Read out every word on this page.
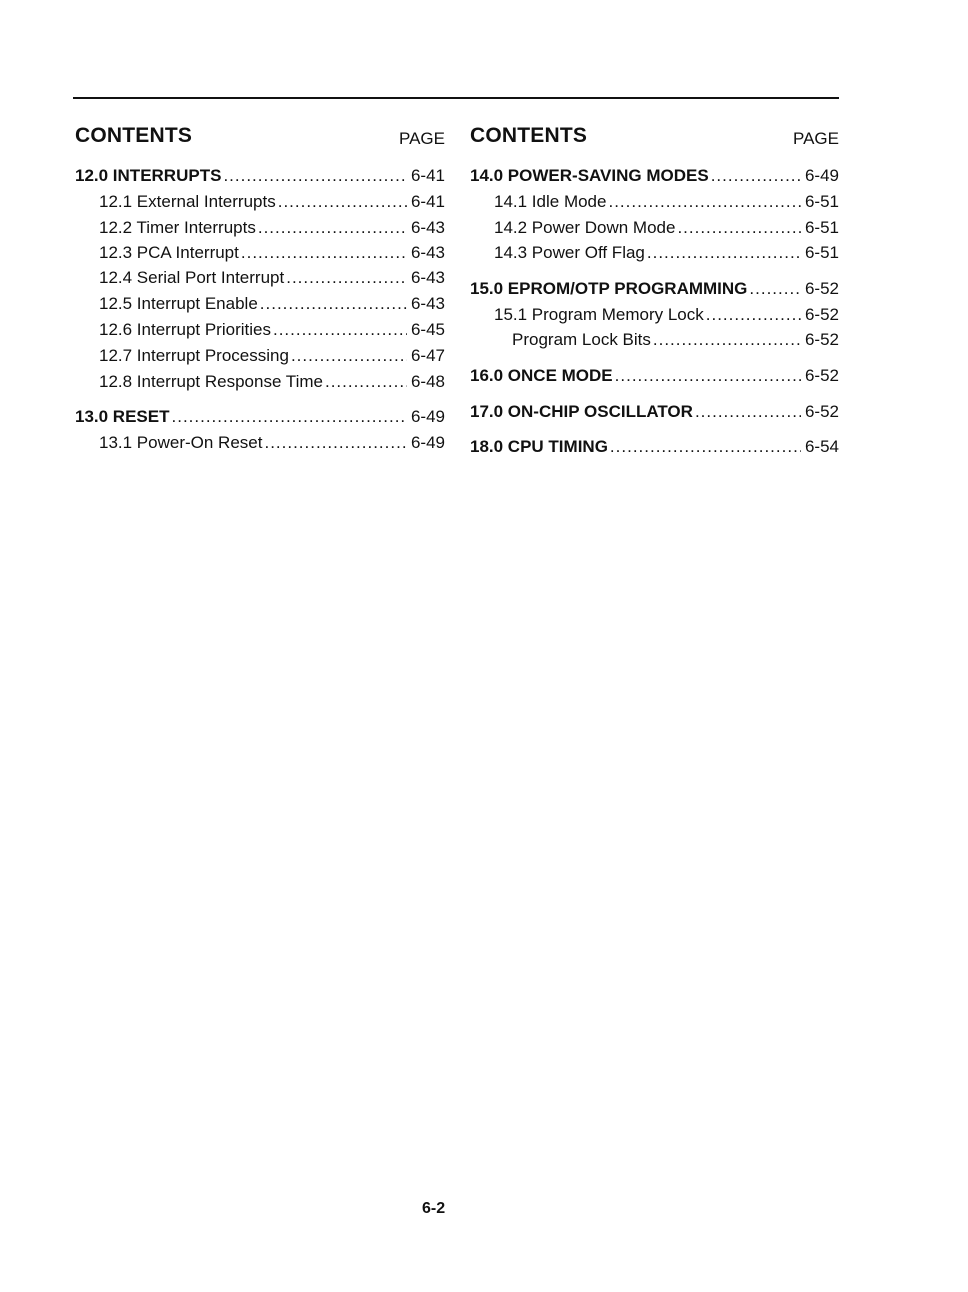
CONTENTS	PAGE
12.0 INTERRUPTS .....	6-41
12.1 External Interrupts .....	6-41
12.2 Timer Interrupts .....	6-43
12.3 PCA Interrupt .....	6-43
12.4 Serial Port Interrupt .....	6-43
12.5 Interrupt Enable .....	6-43
12.6 Interrupt Priorities .....	6-45
12.7 Interrupt Processing .....	6-47
12.8 Interrupt Response Time .....	6-48
13.0 RESET .....	6-49
13.1 Power-On Reset .....	6-49
CONTENTS	PAGE
14.0 POWER-SAVING MODES .....	6-49
14.1 Idle Mode .....	6-51
14.2 Power Down Mode .....	6-51
14.3 Power Off Flag .....	6-51
15.0 EPROM/OTP PROGRAMMING .....	6-52
15.1 Program Memory Lock .....	6-52
Program Lock Bits .....	6-52
16.0 ONCE MODE .....	6-52
17.0 ON-CHIP OSCILLATOR .....	6-52
18.0 CPU TIMING .....	6-54
6-2
